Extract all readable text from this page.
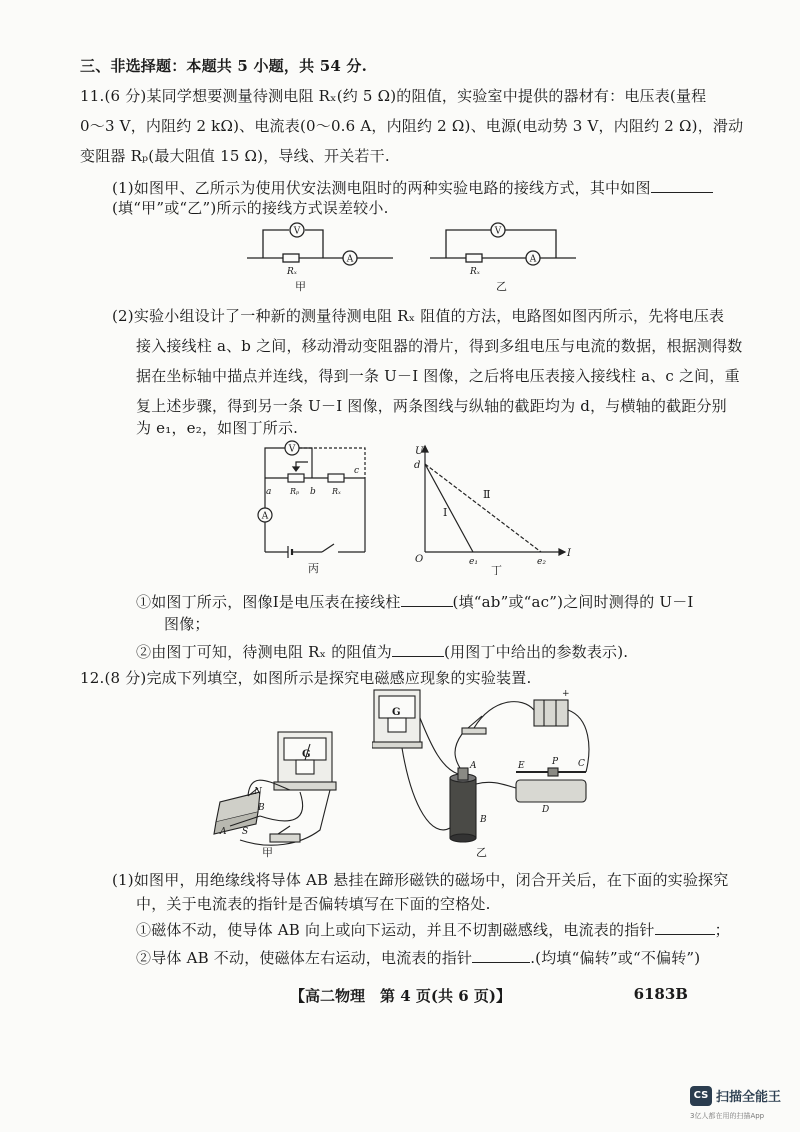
三、非选择题：本题共 5 小题，共 54 分.
11.(6 分)某同学想要测量待测电阻 Rₓ(约 5 Ω)的阻值，实验室中提供的器材有：电压表(量程
0～3 V，内阻约 2 kΩ)、电流表(0～0.6 A，内阻约 2 Ω)、电源(电动势 3 V，内阻约 2 Ω)，滑动
变阻器 Rₚ(最大阻值 15 Ω)，导线、开关若干.
(1)如图甲、乙所示为使用伏安法测电阻时的两种实验电路的接线方式，其中如图
(填“甲”或“乙”)所示的接线方式误差较小.
V
A
Rₓ
甲
V
A
Rₓ
乙
(2)实验小组设计了一种新的测量待测电阻 Rₓ 阻值的方法，电路图如图丙所示，先将电压表
接入接线柱 a、b 之间，移动滑动变阻器的滑片，得到多组电压与电流的数据，根据测得数
据在坐标轴中描点并连线，得到一条 U－I 图像，之后将电压表接入接线柱 a、c 之间，重
复上述步骤，得到另一条 U－I 图像，两条图线与纵轴的截距均为 d，与横轴的截距分别
为 e₁，e₂，如图丁所示.
V
A
a	b
c
Rₚ	Rₓ
丙
U
I
O
d
e₁	e₂
Ⅰ
Ⅱ
丁
①如图丁所示，图像Ⅰ是电压表在接线柱	(填“ab”或“ac”)之间时测得的 U－I
图像；
②由图丁可知，待测电阻 Rₓ 的阻值为	(用图丁中给出的参数表示).
12.(8 分)完成下列填空，如图所示是探究电磁感应现象的实验装置.
G
N
B
A S
甲
G
+
A
B
E	P C
D
乙
(1)如图甲，用绝缘线将导体 AB 悬挂在蹄形磁铁的磁场中，闭合开关后，在下面的实验探究
中，关于电流表的指针是否偏转填写在下面的空格处.
①磁体不动，使导体 AB 向上或向下运动，并且不切割磁感线，电流表的指针	；
②导体 AB 不动，使磁体左右运动，电流表的指针	.(均填“偏转”或“不偏转”)
【高二物理　第 4 页(共 6 页)】	6183B
CS 扫描全能王
3亿人都在用的扫描App
